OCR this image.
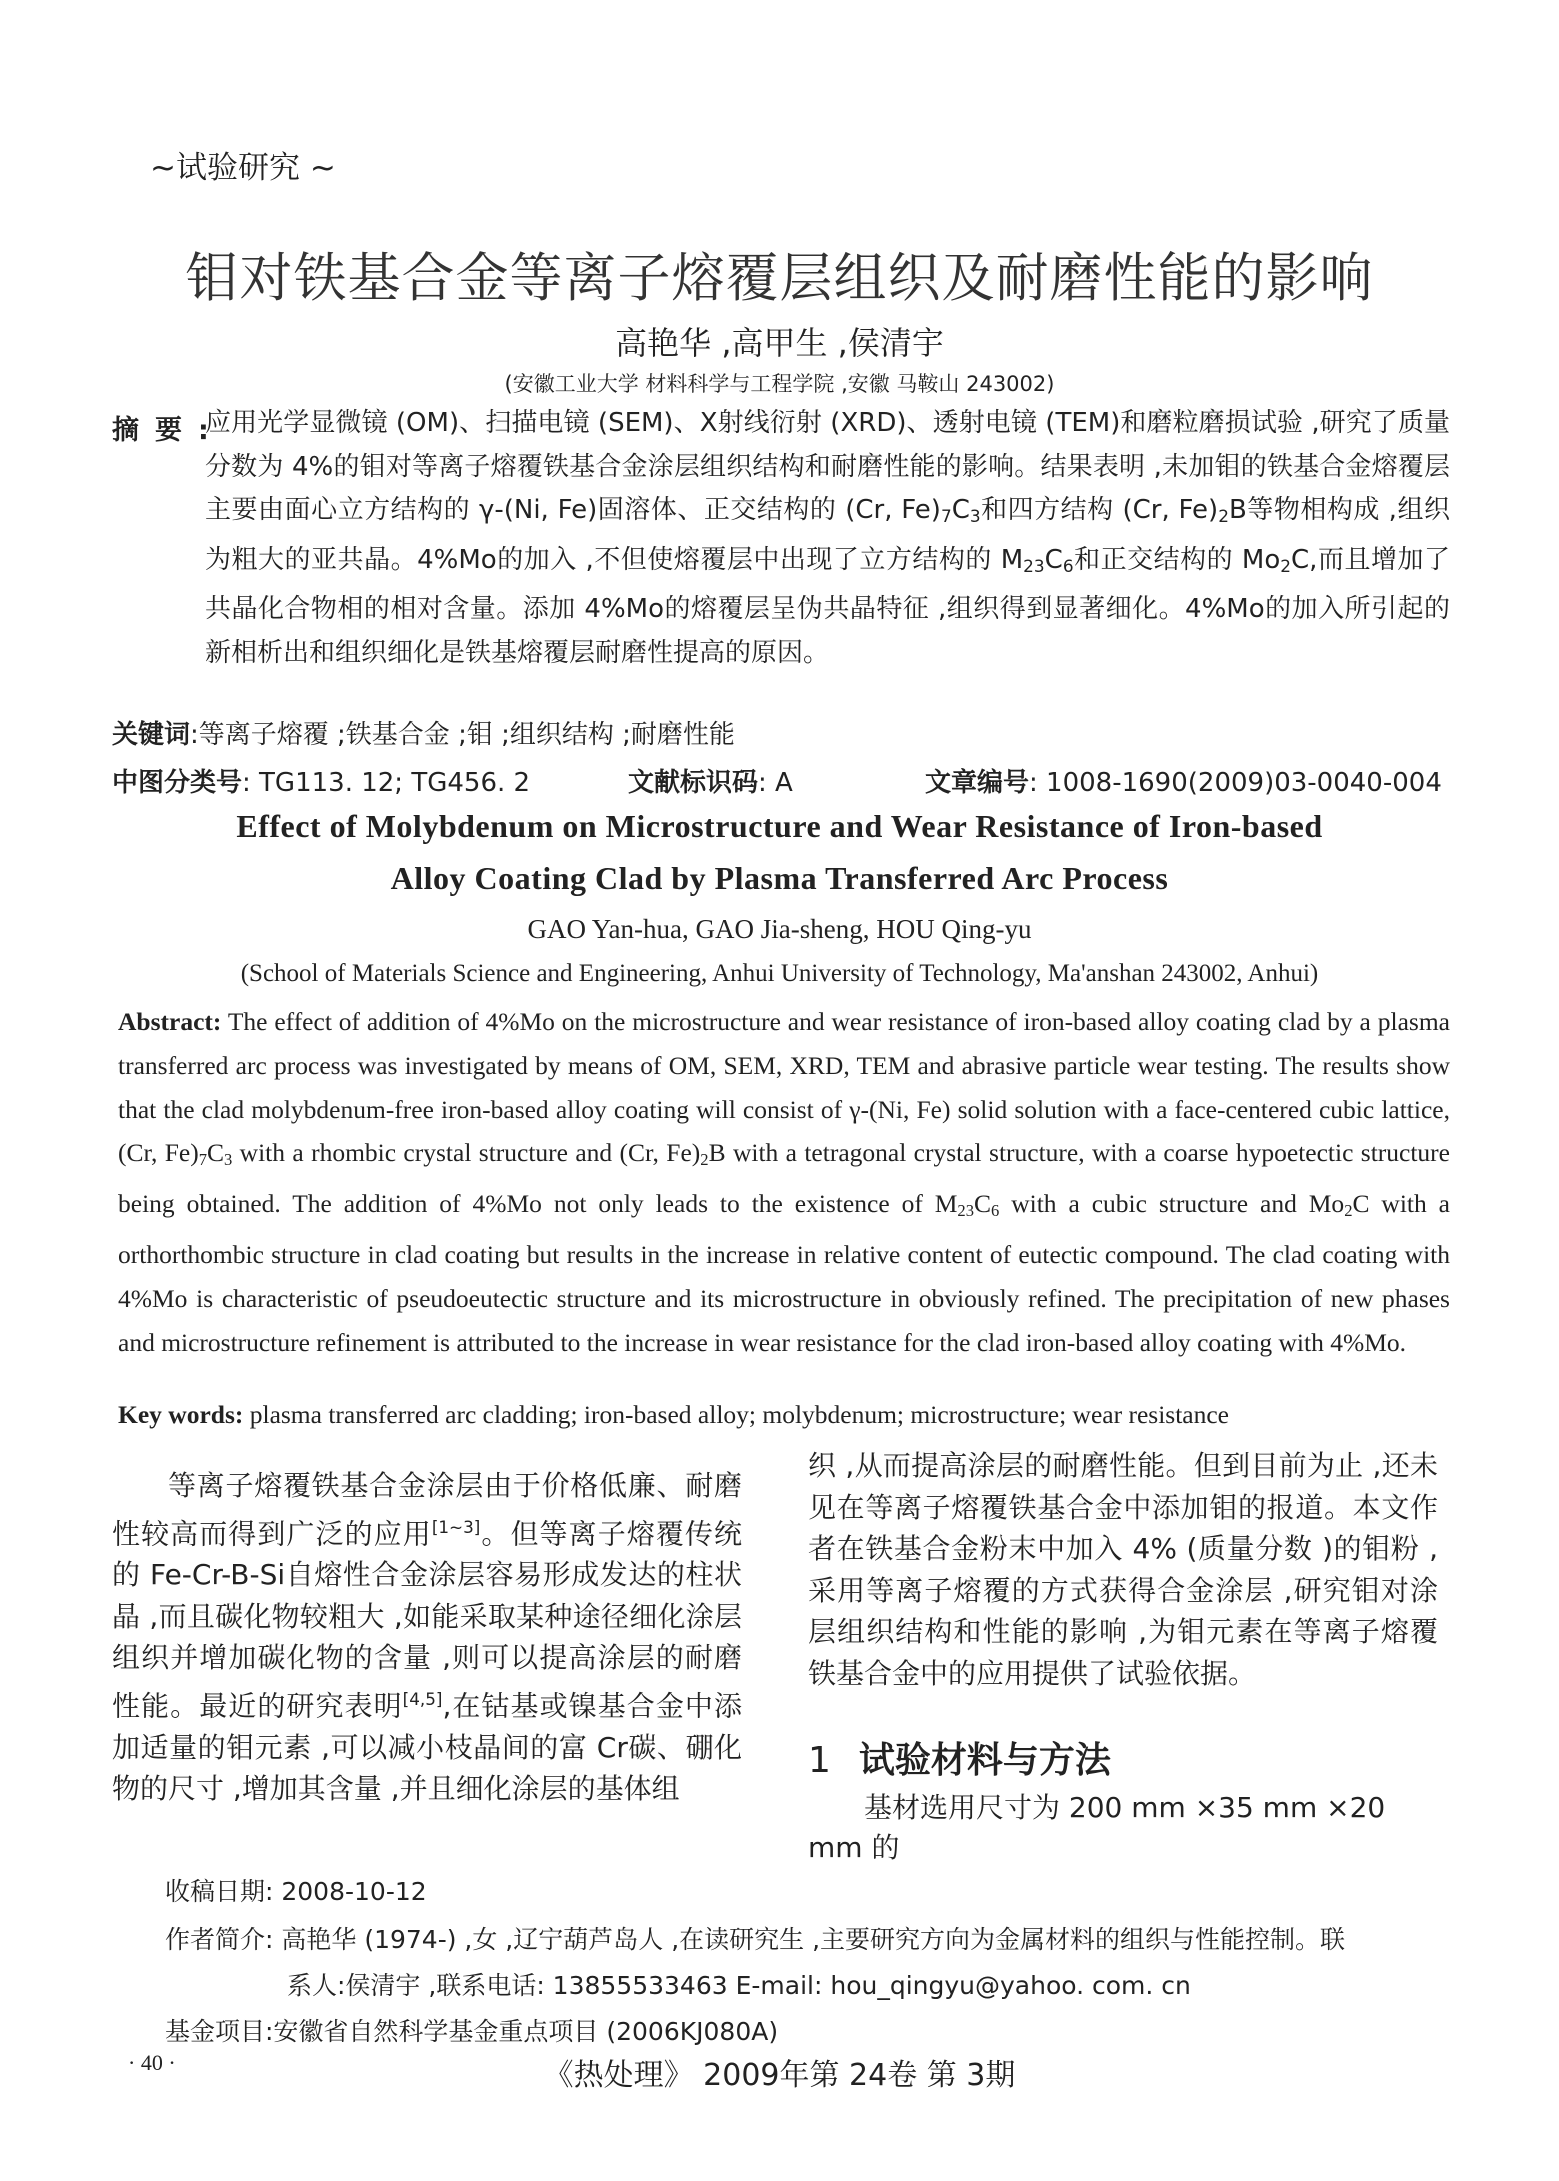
~试验研究 ~
钼对铁基合金等离子熔覆层组织及耐磨性能的影响
高艳华 ,高甲生 ,侯清宇
(安徽工业大学 材料科学与工程学院 ,安徽 马鞍山 243002)
摘要:
应用光学显微镜 (OM)、扫描电镜 (SEM)、X射线衍射 (XRD)、透射电镜 (TEM)和磨粒磨损试验 ,研究了质量分数为 4%的钼对等离子熔覆铁基合金涂层组织结构和耐磨性能的影响。结果表明 ,未加钼的铁基合金熔覆层主要由面心立方结构的 γ-(Ni, Fe)固溶体、正交结构的 (Cr, $Fe)_7C_3$和四方结构 (Cr, $Fe)_2B$等物相构成 ,组织为粗大的亚共晶。4%Mo的加入 ,不但使熔覆层中出现了立方结构的 $M_{23}C_6$和正交结构的 $Mo_2C$,而且增加了共晶化合物相的相对含量。添加 4%Mo的熔覆层呈伪共晶特征 ,组织得到显著细化。4%Mo的加入所引起的新相析出和组织细化是铁基熔覆层耐磨性提高的原因。
关键词:等离子熔覆 ;铁基合金 ;钼 ;组织结构 ;耐磨性能
中图分类号: TG113. 12; TG456. 2	文献标识码: A	文章编号: 1008-1690(2009)03-0040-004
Effect of Molybdenum on Microstructure and Wear Resistance of Iron-based
Alloy Coating Clad by Plasma Transferred Arc Process
GAO Yan-hua, GAO Jia-sheng, HOU Qing-yu
(School of Materials Science and Engineering, Anhui University of Technology, Ma'anshan 243002, Anhui)
Abstract: The effect of addition of 4%Mo on the microstructure and wear resistance of iron-based alloy coating clad by a plasma transferred arc process was investigated by means of OM, SEM, XRD, TEM and abrasive particle wear testing. The results show that the clad molybdenum-free iron-based alloy coating will consist of γ-(Ni, Fe) solid solution with a face-centered cubic lattice, (Cr, $Fe)_7C_3$ with a rhombic crystal structure and (Cr, $Fe)_2B$ with a tetragonal crystal structure, with a coarse hypoetectic structure being obtained. The addition of 4%Mo not only leads to the existence of $M_{23}C_6$ with a cubic structure and $Mo_2C$ with a orthorthombic structure in clad coating but results in the increase in relative content of eutectic compound. The clad coating with 4%Mo is characteristic of pseudoeutectic structure and its microstructure in obviously refined. The precipitation of new phases and microstructure refinement is attributed to the increase in wear resistance for the clad iron-based alloy coating with 4%Mo.
Key words: plasma transferred arc cladding; iron-based alloy; molybdenum; microstructure; wear resistance
等离子熔覆铁基合金涂层由于价格低廉、耐磨性较高而得到广泛的应用[1~3]。但等离子熔覆传统的 Fe-Cr-B-Si自熔性合金涂层容易形成发达的柱状晶 ,而且碳化物较粗大 ,如能采取某种途径细化涂层组织并增加碳化物的含量 ,则可以提高涂层的耐磨性能。最近的研究表明[4,5],在钴基或镍基合金中添加适量的钼元素 ,可以减小枝晶间的富 Cr碳、硼化物的尺寸 ,增加其含量 ,并且细化涂层的基体组
织 ,从而提高涂层的耐磨性能。但到目前为止 ,还未见在等离子熔覆铁基合金中添加钼的报道。本文作者在铁基合金粉末中加入 4% (质量分数 )的钼粉 ,采用等离子熔覆的方式获得合金涂层 ,研究钼对涂层组织结构和性能的影响 ,为钼元素在等离子熔覆铁基合金中的应用提供了试验依据。
1 试验材料与方法
基材选用尺寸为 200 mm ×35 mm ×20 mm 的
收稿日期: 2008-10-12
作者简介: 高艳华 (1974-) ,女 ,辽宁葫芦岛人 ,在读研究生 ,主要研究方向为金属材料的组织与性能控制。联
系人:侯清宇 ,联系电话: 13855533463 E-mail: hou_qingyu@yahoo. com. cn
基金项目:安徽省自然科学基金重点项目 (2006KJ080A)
· 40 ·	《热处理》 2009年第 24卷 第 3期
